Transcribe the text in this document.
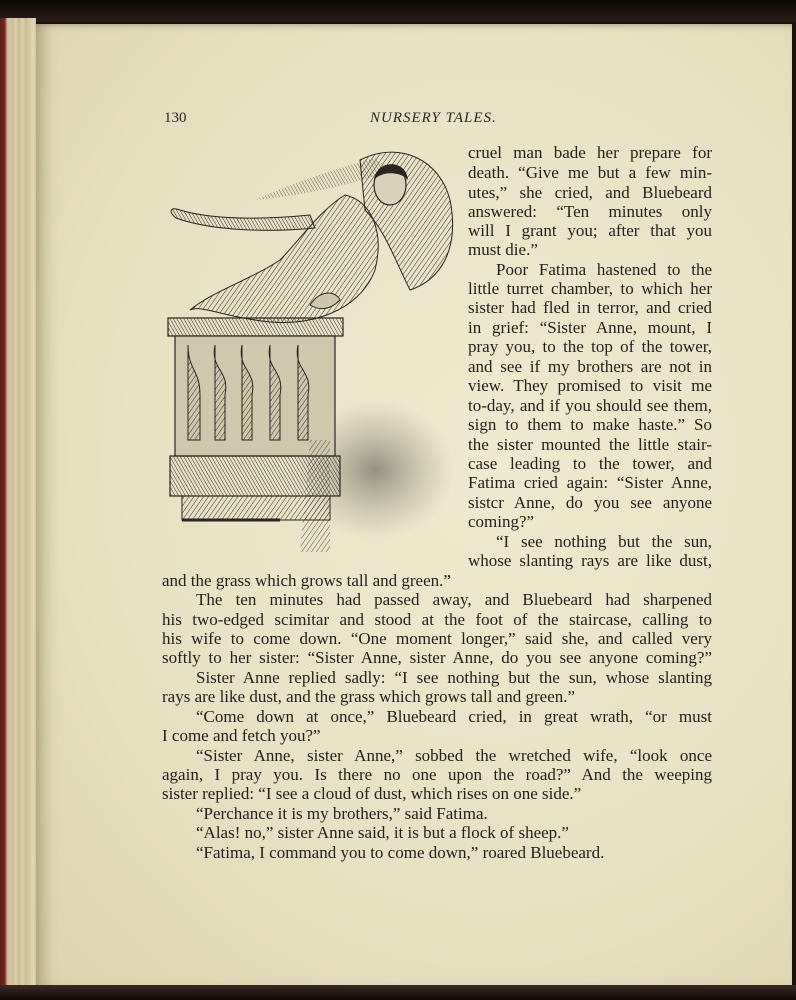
130	NURSERY TALES.
cruel man bade her prepare for
death. “Give me but a few min-
utes,” she cried, and Bluebeard
answered: “Ten minutes only
will I grant you; after that you
must die.”
Poor Fatima hastened to the
little turret chamber, to which her
sister had fled in terror, and cried
in grief: “Sister Anne, mount, I
pray you, to the top of the tower,
and see if my brothers are not in
view. They promised to visit me
to-day, and if you should see them,
sign to them to make haste.” So
the sister mounted the little stair-
case leading to the tower, and
Fatima cried again: “Sister Anne,
sistсr Anne, do you see anyone
coming?”
“I see nothing but the sun,
whose slanting rays are like dust,
and the grass which grows tall and green.”
The ten minutes had passed away, and Bluebeard had sharpened
his two-edged scimitar and stood at the foot of the staircase, calling to
his wife to come down. “One moment longer,” said she, and called very
softly to her sister: “Sister Anne, sister Anne, do you see anyone coming?”
Sister Anne replied sadly: “I see nothing but the sun, whose slanting
rays are like dust, and the grass which grows tall and green.”
“Come down at once,” Bluebeard cried, in great wrath, “or must
I come and fetch you?”
“Sister Anne, sister Anne,” sobbed the wretched wife, “look once
again, I pray you. Is there no one upon the road?” And the weeping
sister replied: “I see a cloud of dust, which rises on one side.”
“Perchance it is my brothers,” said Fatima.
“Alas! no,” sister Anne said, it is but a flock of sheep.”
“Fatima, I command you to come down,” roared Bluebeard.
